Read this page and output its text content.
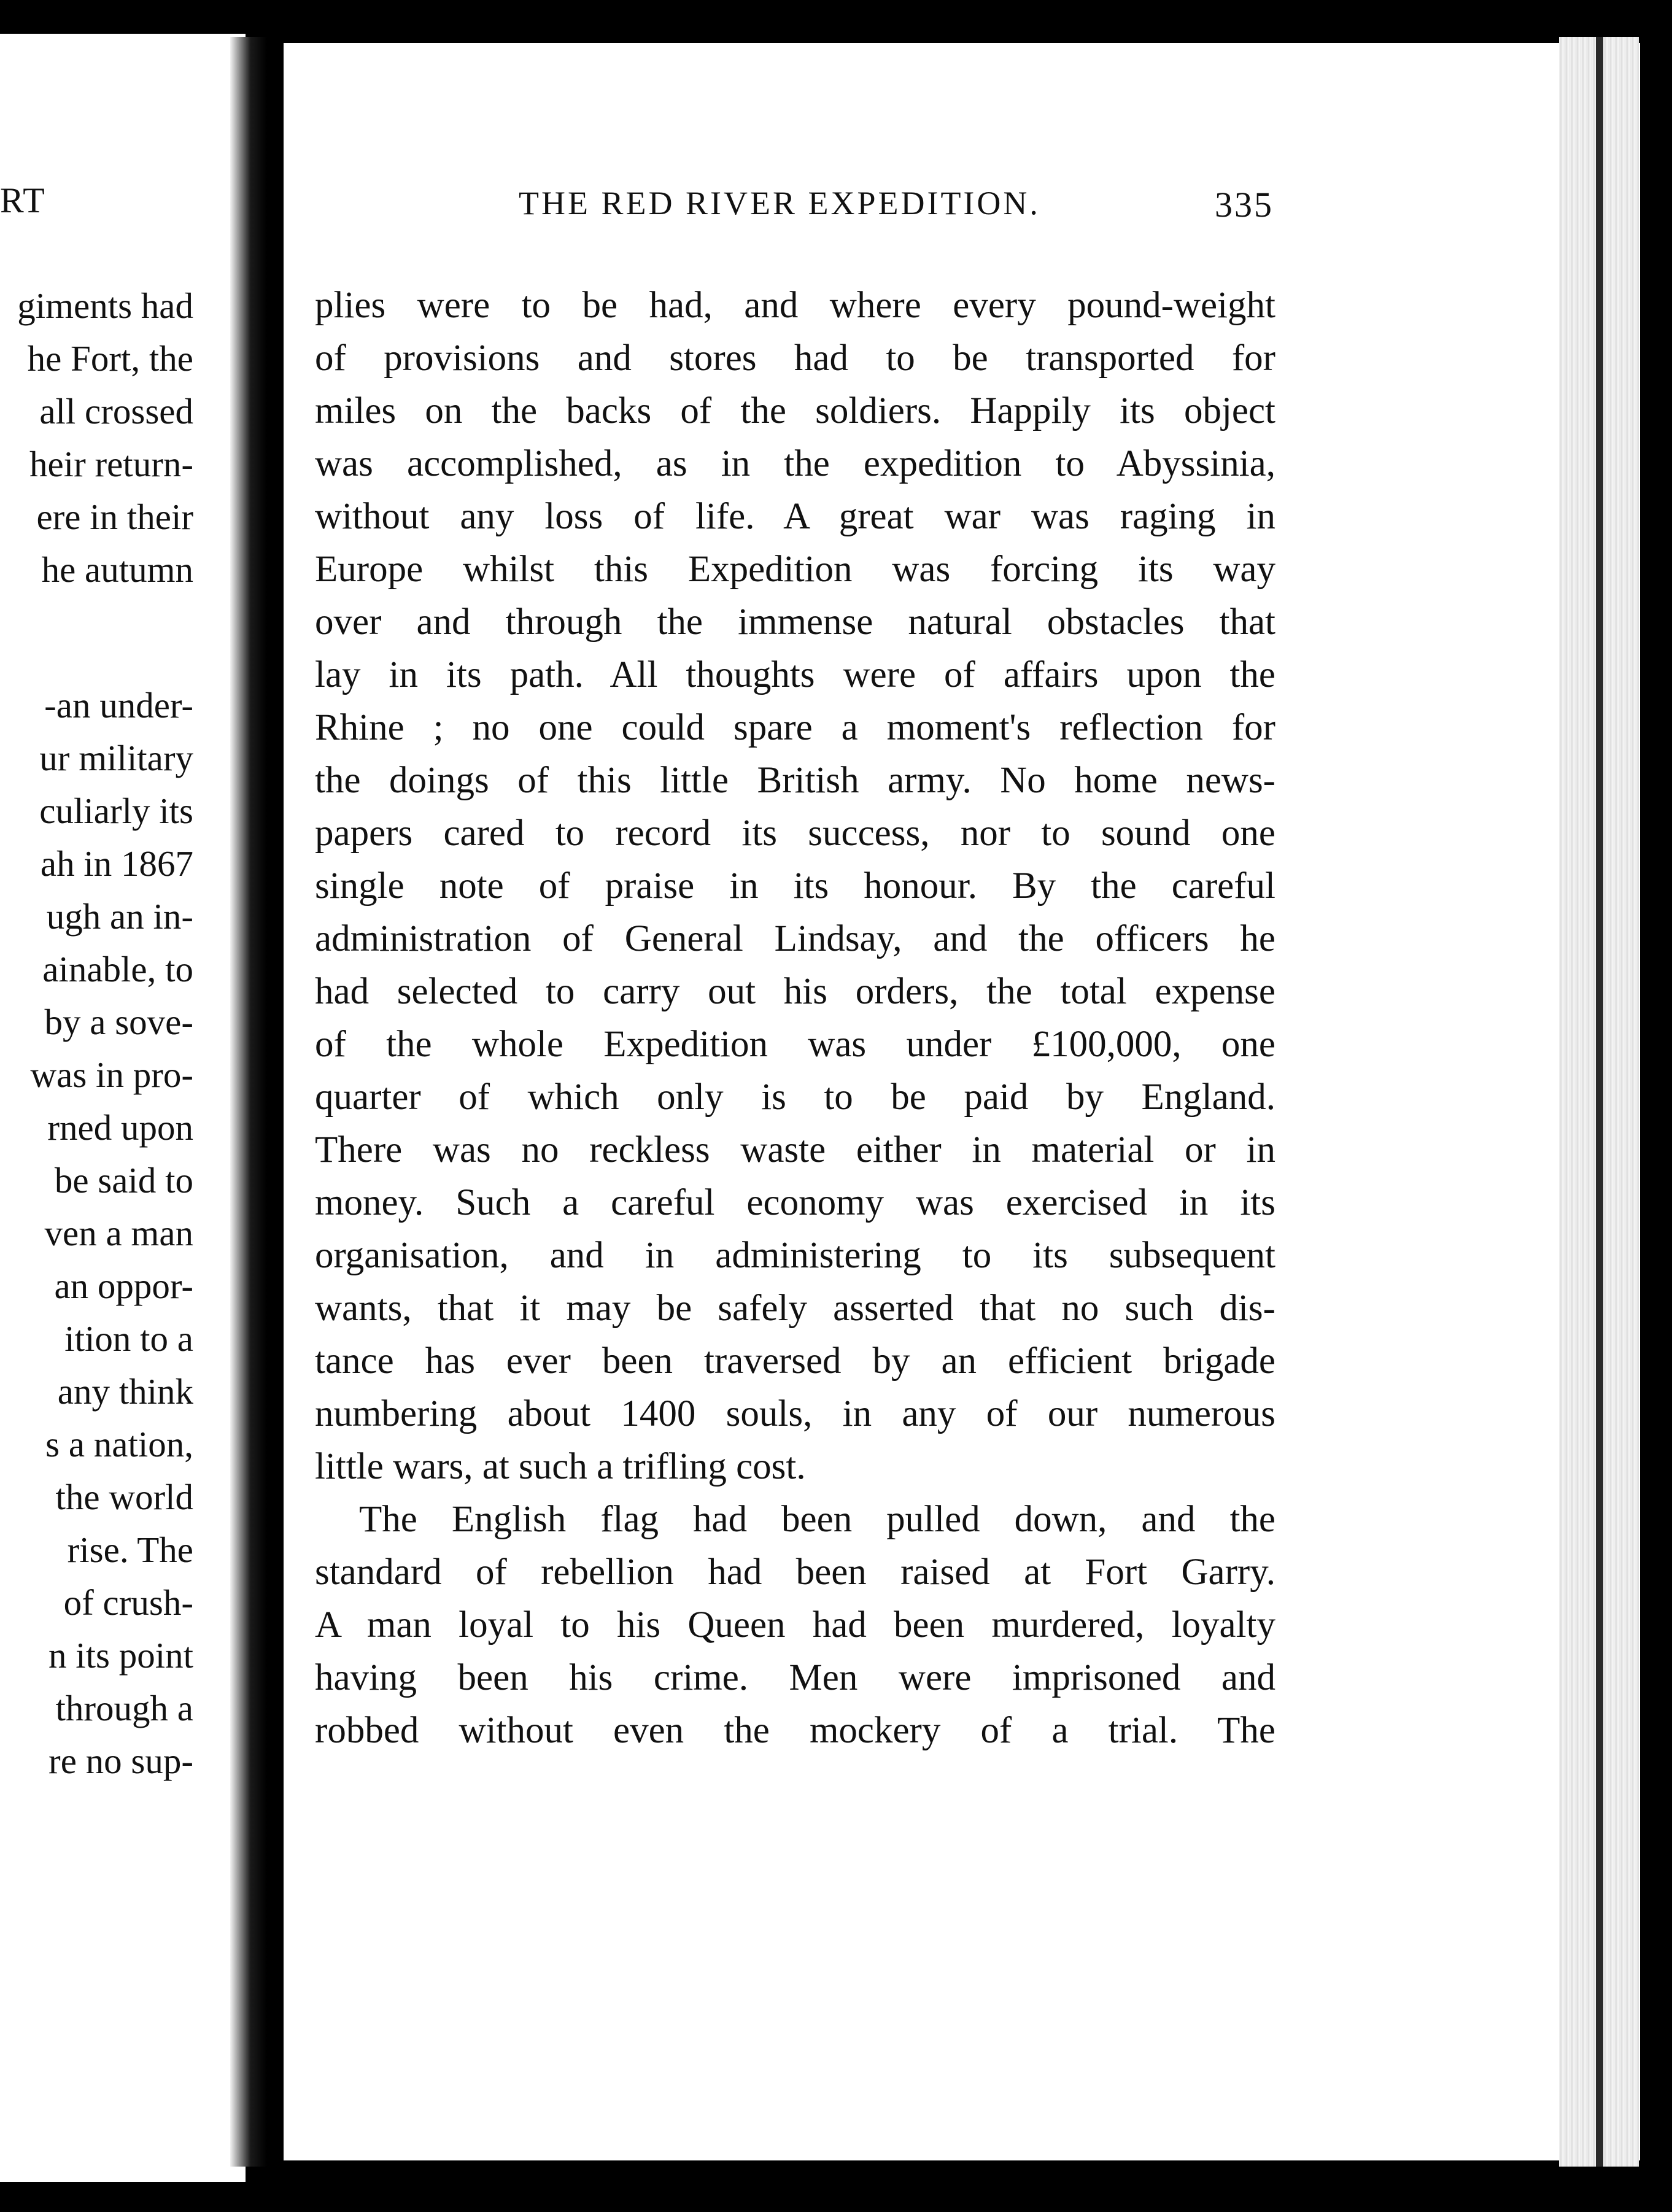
RT

giments had
he Fort, the
all crossed
heir return-
ere in their
he autumn
-an under-
ur military
culiarly its
ah in 1867
ugh an in-
ainable, to
by a sove-
was in pro-
rned upon
be said to
ven a man
an oppor-
ition to a
any think
s a nation,
the world
rise. The
of crush-
n its point
through a
re no sup-
THE RED RIVER EXPEDITION.	335
plies were to be had, and where every pound-weight
of provisions and stores had to be transported for
miles on the backs of the soldiers. Happily its object
was accomplished, as in the expedition to Abyssinia,
without any loss of life. A great war was raging in
Europe whilst this Expedition was forcing its way
over and through the immense natural obstacles that
lay in its path. All thoughts were of affairs upon the
Rhine ; no one could spare a moment's reflection for
the doings of this little British army. No home news-
papers cared to record its success, nor to sound one
single note of praise in its honour. By the careful
administration of General Lindsay, and the officers he
had selected to carry out his orders, the total expense
of the whole Expedition was under £100,000, one
quarter of which only is to be paid by England.
There was no reckless waste either in material or in
money. Such a careful economy was exercised in its
organisation, and in administering to its subsequent
wants, that it may be safely asserted that no such dis-
tance has ever been traversed by an efficient brigade
numbering about 1400 souls, in any of our numerous
little wars, at such a trifling cost.
The English flag had been pulled down, and the
standard of rebellion had been raised at Fort Garry.
A man loyal to his Queen had been murdered, loyalty
having been his crime. Men were imprisoned and
robbed without even the mockery of a trial. The
